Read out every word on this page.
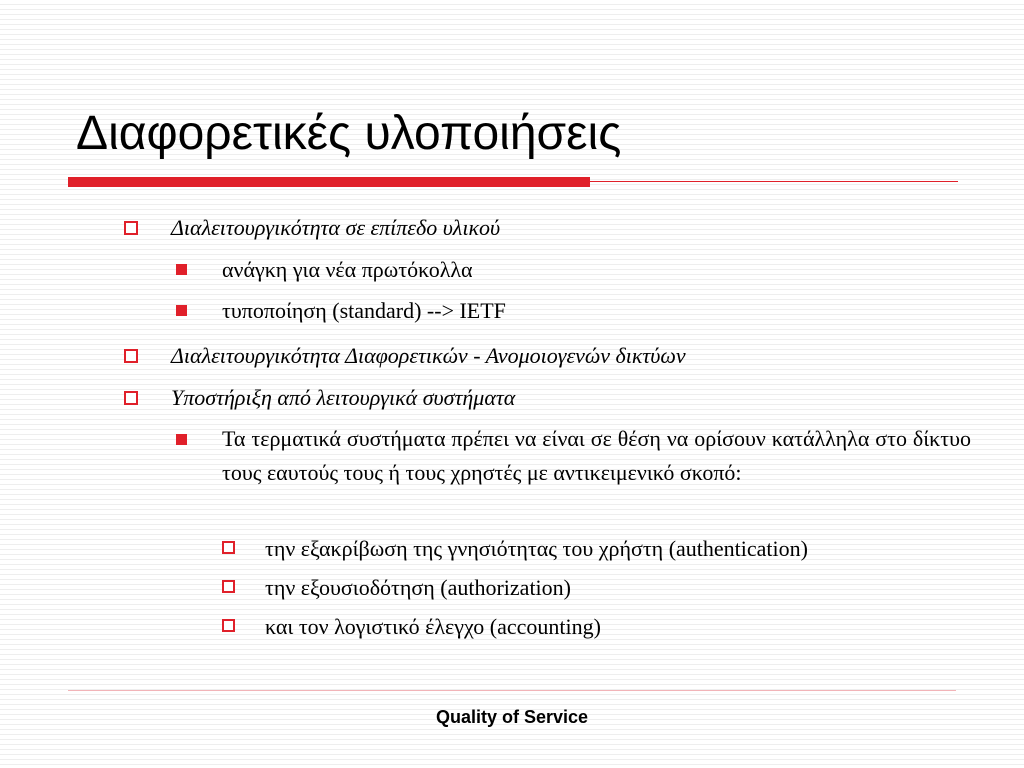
Διαφορετικές υλοποιήσεις
Διαλειτουργικότητα σε επίπεδο υλικού
ανάγκη για νέα πρωτόκολλα
τυποποίηση (standard) --> IETF
Διαλειτουργικότητα Διαφορετικών - Ανομοιογενών δικτύων
Υποστήριξη από λειτουργικά συστήματα
Τα τερματικά συστήματα πρέπει να είναι σε θέση να ορίσουν κατάλληλα στο δίκτυο τους εαυτούς τους ή τους χρηστές με αντικειμενικό σκοπό:
την εξακρίβωση της γνησιότητας του χρήστη (authentication)
την εξουσιοδότηση (authorization)
και τον λογιστικό έλεγχο (accounting)
Quality of Service
